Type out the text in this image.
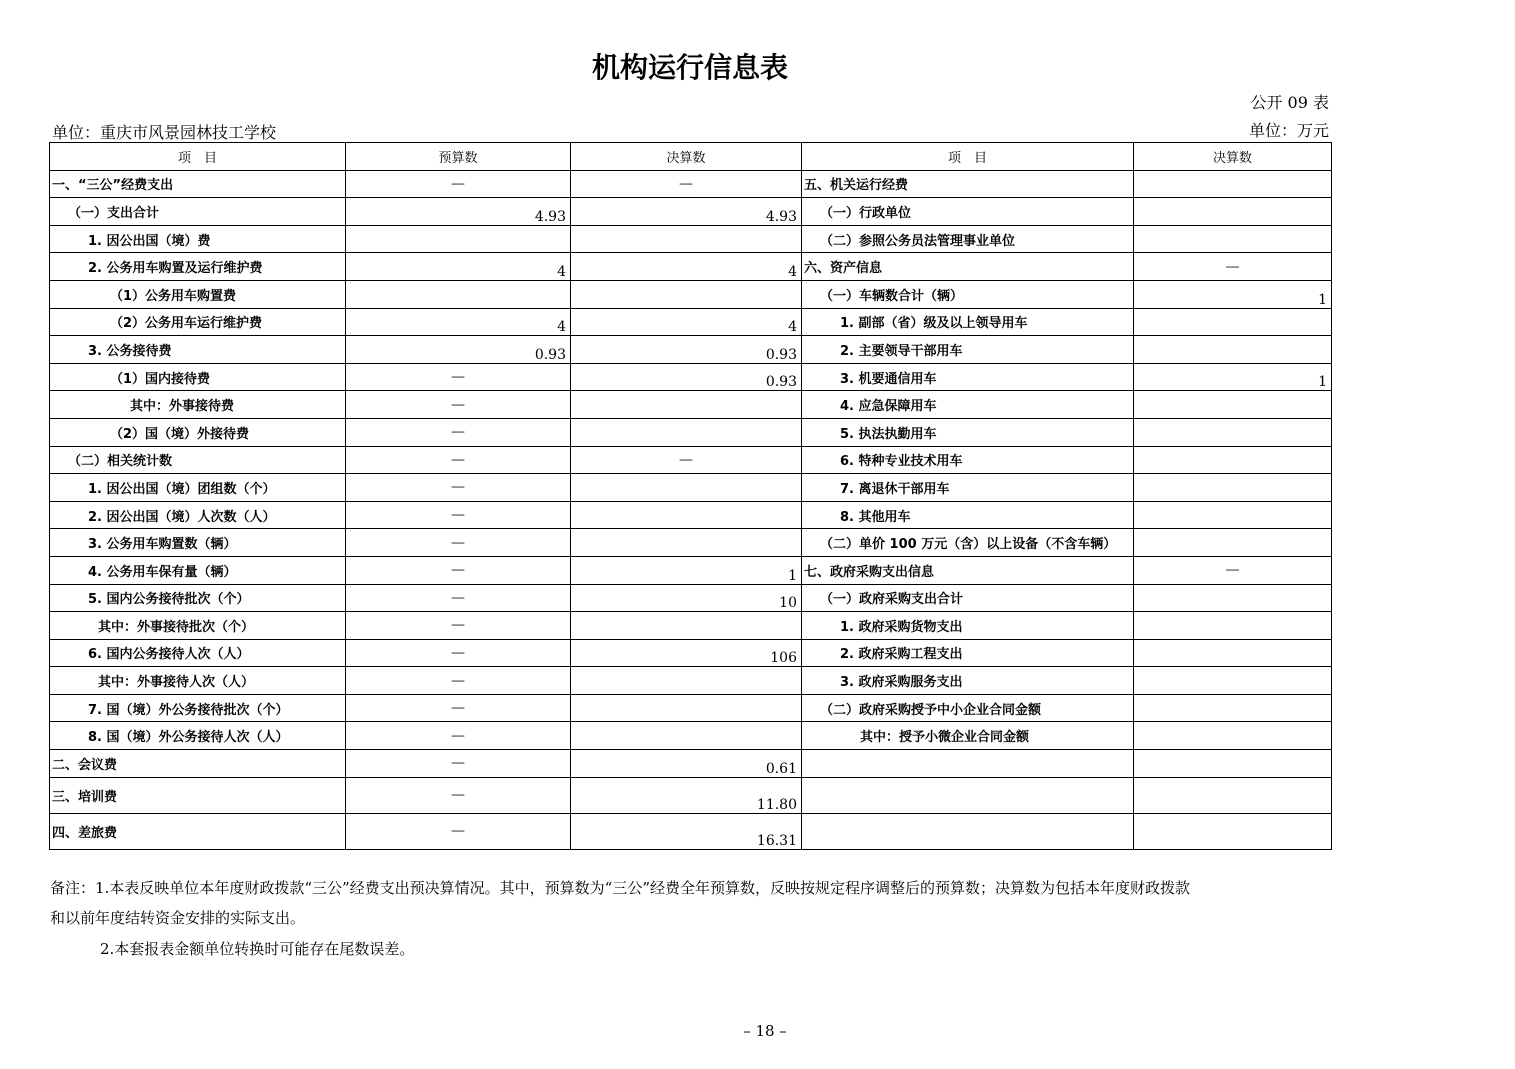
机构运行信息表
公开 09 表
单位：重庆市风景园林技工学校	单位：万元
项　目	预算数	决算数	项　目	决算数
一、“三公”经费支出	—	—	五、机关运行经费	
（一）支出合计	4.93	4.93	（一）行政单位	
1. 因公出国（境）费			（二）参照公务员法管理事业单位	
2. 公务用车购置及运行维护费	4	4	六、资产信息	—
（1）公务用车购置费			（一）车辆数合计（辆）	1
（2）公务用车运行维护费	4	4	1. 副部（省）级及以上领导用车	
3. 公务接待费	0.93	0.93	2. 主要领导干部用车	
（1）国内接待费	—	0.93	3. 机要通信用车	1
其中：外事接待费	—		4. 应急保障用车	
（2）国（境）外接待费	—		5. 执法执勤用车	
（二）相关统计数	—	—	6. 特种专业技术用车	
1. 因公出国（境）团组数（个）	—		7. 离退休干部用车	
2. 因公出国（境）人次数（人）	—		8. 其他用车	
3. 公务用车购置数（辆）	—		（二）单价 100 万元（含）以上设备（不含车辆）	
4. 公务用车保有量（辆）	—	1	七、政府采购支出信息	—
5. 国内公务接待批次（个）	—	10	（一）政府采购支出合计	
其中：外事接待批次（个）	—		1. 政府采购货物支出	
6. 国内公务接待人次（人）	—	106	2. 政府采购工程支出	
其中：外事接待人次（人）	—		3. 政府采购服务支出	
7. 国（境）外公务接待批次（个）	—		（二）政府采购授予中小企业合同金额	
8. 国（境）外公务接待人次（人）	—		其中：授予小微企业合同金额	
二、会议费	—	0.61		
三、培训费	—	11.80		
四、差旅费	—	16.31		
备注：1.本表反映单位本年度财政拨款“三公”经费支出预决算情况。其中，预算数为“三公”经费全年预算数，反映按规定程序调整后的预算数；决算数为包括本年度财政拨款
和以前年度结转资金安排的实际支出。
2.本套报表金额单位转换时可能存在尾数误差。
– 18 –
